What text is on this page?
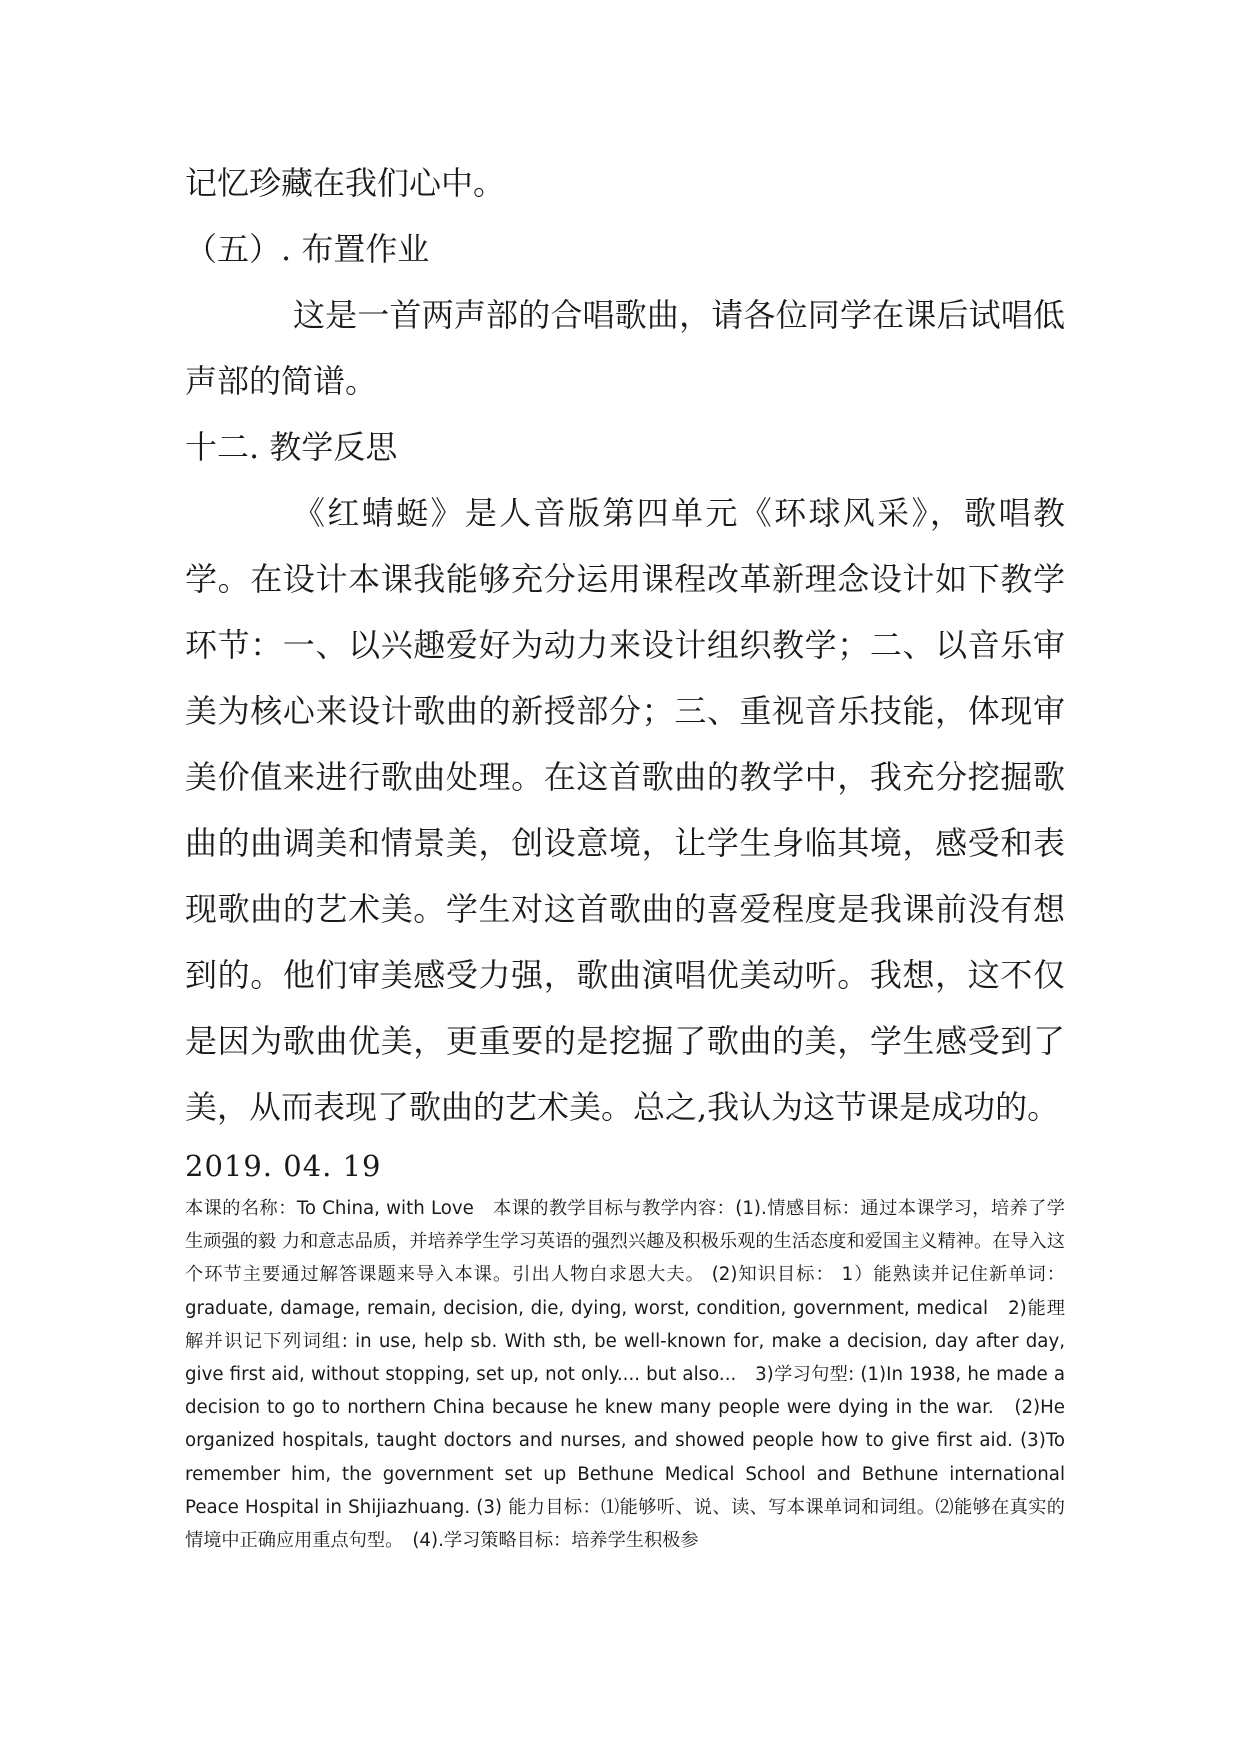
记忆珍藏在我们心中。

（五）. 布置作业

这是一首两声部的合唱歌曲，请各位同学在课后试唱低声部的简谱。

十二. 教学反思

《红蜻蜓》是人音版第四单元《环球风采》，歌唱教学。在设计本课我能够充分运用课程改革新理念设计如下教学环节：一、以兴趣爱好为动力来设计组织教学；二、以音乐审美为核心来设计歌曲的新授部分；三、重视音乐技能，体现审美价值来进行歌曲处理。在这首歌曲的教学中，我充分挖掘歌曲的曲调美和情景美，创设意境，让学生身临其境，感受和表现歌曲的艺术美。学生对这首歌曲的喜爱程度是我课前没有想到的。他们审美感受力强，歌曲演唱优美动听。我想，这不仅是因为歌曲优美，更重要的是挖掘了歌曲的美，学生感受到了美，从而表现了歌曲的艺术美。总之,我认为这节课是成功的。

2019. 04. 19

本课的名称：To China, with Love　本课的教学目标与教学内容：(1).情感目标：通过本课学习，培养了学生顽强的毅 力和意志品质，并培养学生学习英语的强烈兴趣及积极乐观的生活态度和爱国主义精神。在导入这个环节主要通过解答课题来导入本课。引出人物白求恩大夫。 (2)知识目标： 1）能熟读并记住新单词：graduate, damage, remain, decision, die, dying, worst, condition, government, medical　2)能理解并识记下列词组: in use, help sb. With sth, be well-known for, make a decision, day after day, give first aid, without stopping, set up, not only.... but also...　3)学习句型: (1)In 1938, he made a decision to go to northern China because he knew many people were dying in the war.　(2)He organized hospitals, taught doctors and nurses, and showed people how to give first aid. (3)To remember him, the government set up Bethune Medical School and Bethune international Peace Hospital in Shijiazhuang. (3) 能力目标：⑴能够听、说、读、写本课单词和词组。⑵能够在真实的情境中正确应用重点句型。　(4).学习策略目标：培养学生积极参
